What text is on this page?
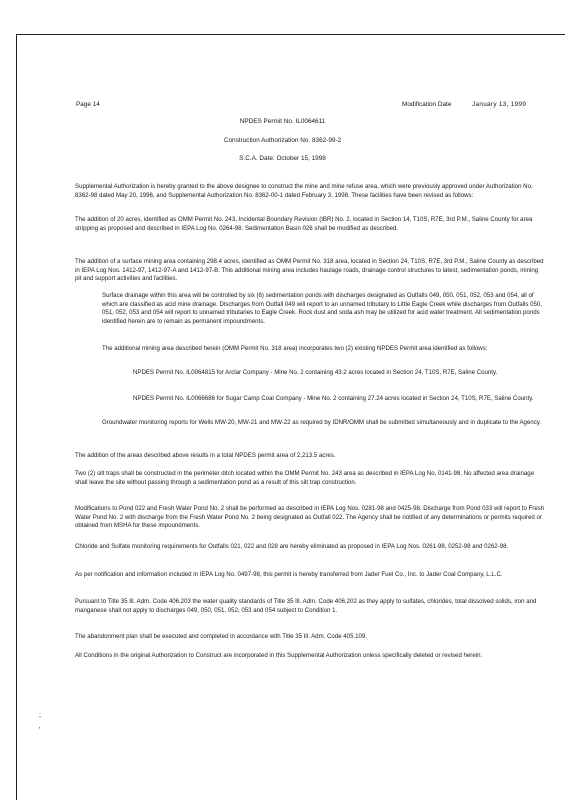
Page 14	Modification Date	January 13, 1999
NPDES Permit No. IL0064611
Construction Authorization No. 8362-99-2
S.C.A. Date: October 15, 1998
Supplemental Authorization is hereby granted to the above designee to construct the mine and mine refuse area, which were previously approved under Authorization No. 8362-98 dated May 20, 1996, and Supplemental Authorization No. 8362-00-1 dated February 3, 1998. These facilities have been revised as follows:
The addition of 20 acres, identified as OMM Permit No. 243, Incidental Boundary Revision (IBR) No. 2, located in Section 14, T10S, R7E, 3rd P.M., Saline County for area stripping as proposed and described in IEPA Log No. 0264-98. Sedimentation Basin 026 shall be modified as described.
The addition of a surface mining area containing 298.4 acres, identified as OMM Permit No. 318 area, located in Section 24, T10S, R7E, 3rd P.M., Saline County as described in IEPA Log Nos. 1412-97, 1412-97-A and 1412-97-B. This additional mining area includes haulage roads, drainage control structures to latest, sedimentation ponds, mining pit and support activities and facilities.
Surface drainage within this area will be controlled by six (6) sedimentation ponds with discharges designated as Outfalls 049, 050, 051, 052, 053 and 054, all of which are classified as acid mine drainage. Discharges from Outfall 049 will report to an unnamed tributary to Little Eagle Creek while discharges from Outfalls 050, 051, 052, 053 and 054 will report to unnamed tributaries to Eagle Creek. Rock dust and soda ash may be utilized for acid water treatment. All sedimentation ponds identified herein are to remain as permanent impoundments.
The additional mining area described herein (OMM Permit No. 318 area) incorporates two (2) existing NPDES Permit area identified as follows:
NPDES Permit No. IL0064815 for Arclar Company - Mine No. 2 containing 43.2 acres located in Section 24, T10S, R7E, Saline County.
NPDES Permit No. IL0066686 for Sugar Camp Coal Company - Mine No. 2 containing 27.24 acres located in Section 24, T10S, R7E, Saline County.
Groundwater monitoring reports for Wells MW-20, MW-21 and MW-22 as required by IDNR/OMM shall be submitted simultaneously and in duplicate to the Agency.
The addition of the areas described above results in a total NPDES permit area of 2,213.5 acres.
Two (2) silt traps shall be constructed in the perimeter ditch located within the OMM Permit No. 243 area as described in IEPA Log No. 0141-98. No affected area drainage shall leave the site without passing through a sedimentation pond as a result of this silt trap construction.
Modifications to Pond 022 and Fresh Water Pond No. 2 shall be performed as described in IEPA Log Nos. 0281-98 and 0425-98. Discharge from Pond 033 will report to Fresh Water Pond No. 2 with discharge from the Fresh Water Pond No. 2 being designated as Outfall 022. The Agency shall be notified of any determinations or permits required or obtained from MSHA for these impoundments.
Chloride and Sulfate monitoring requirements for Outfalls 021, 022 and 028 are hereby eliminated as proposed in IEPA Log Nos. 0261-98, 0252-98 and 0262-98.
As per notification and information included in IEPA Log No. 0497-98, this permit is hereby transferred from Jader Fuel Co., Inc. to Jader Coal Company, L.L.C.
Pursuant to Title 35 Ill. Adm. Code 406.203 the water quality standards of Title 35 Ill. Adm. Code 406.202 as they apply to sulfates, chlorides, total dissolved solids, iron and manganese shall not apply to discharges 049, 050, 051, 052, 053 and 054 subject to Condition 1.
The abandonment plan shall be executed and completed in accordance with Title 35 Ill. Adm. Code 405.109.
All Conditions in the original Authorization to Construct are incorporated in this Supplemental Authorization unless specifically deleted or revised herein.
;
'
